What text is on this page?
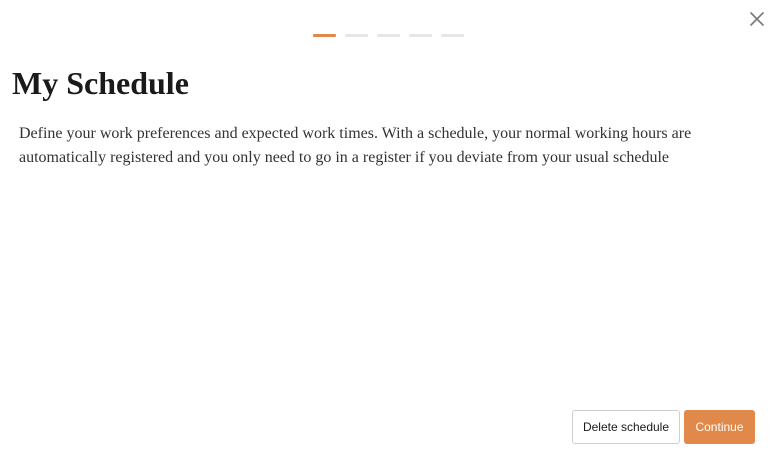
My Schedule

Define your work preferences and expected work times. With a schedule, your normal working hours are automatically registered and you only need to go in a register if you deviate from your usual schedule

Delete schedule	Continue
